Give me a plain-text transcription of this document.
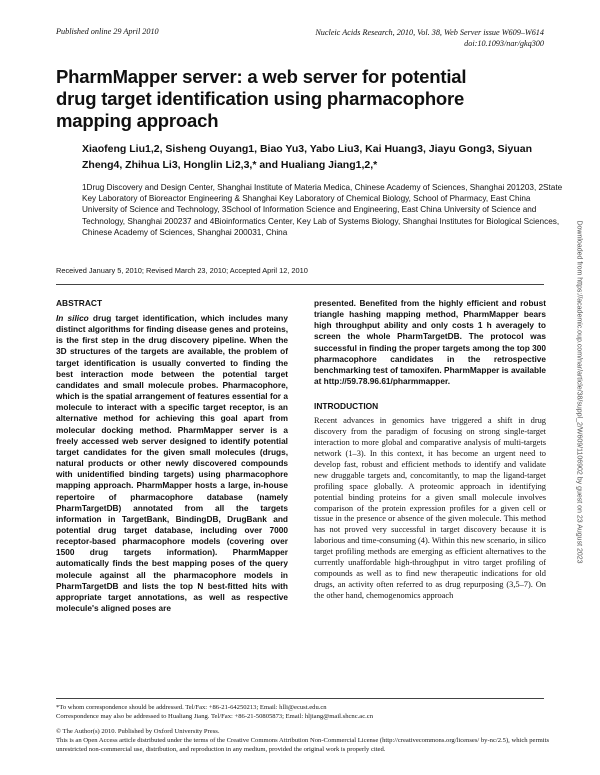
Published online 29 April 2010	Nucleic Acids Research, 2010, Vol. 38, Web Server issue W609–W614
doi:10.1093/nar/gkq300
PharmMapper server: a web server for potential drug target identification using pharmacophore mapping approach
Xiaofeng Liu1,2, Sisheng Ouyang1, Biao Yu3, Yabo Liu3, Kai Huang3, Jiayu Gong3, Siyuan Zheng4, Zhihua Li3, Honglin Li2,3,* and Hualiang Jiang1,2,*
1Drug Discovery and Design Center, Shanghai Institute of Materia Medica, Chinese Academy of Sciences, Shanghai 201203, 2State Key Laboratory of Bioreactor Engineering & Shanghai Key Laboratory of Chemical Biology, School of Pharmacy, East China University of Science and Technology, 3School of Information Science and Engineering, East China University of Science and Technology, Shanghai 200237 and 4Bioinformatics Center, Key Lab of Systems Biology, Shanghai Institutes for Biological Sciences, Chinese Academy of Sciences, Shanghai 200031, China
Received January 5, 2010; Revised March 23, 2010; Accepted April 12, 2010
ABSTRACT

In silico drug target identification, which includes many distinct algorithms for finding disease genes and proteins, is the first step in the drug discovery pipeline. When the 3D structures of the targets are available, the problem of target identification is usually converted to finding the best interaction mode between the potential target candidates and small molecule probes. Pharmacophore, which is the spatial arrangement of features essential for a molecule to interact with a specific target receptor, is an alternative method for achieving this goal apart from molecular docking method. PharmMapper server is a freely accessed web server designed to identify potential target candidates for the given small molecules (drugs, natural products or other newly discovered compounds with unidentified binding targets) using pharmacophore mapping approach. PharmMapper hosts a large, in-house repertoire of pharmacophore database (namely PharmTargetDB) annotated from all the targets information in TargetBank, BindingDB, DrugBank and potential drug target database, including over 7000 receptor-based pharmacophore models (covering over 1500 drug targets information). PharmMapper automatically finds the best mapping poses of the query molecule against all the pharmacophore models in PharmTargetDB and lists the top N best-fitted hits with appropriate target annotations, as well as respective molecule's aligned poses are

presented. Benefited from the highly efficient and robust triangle hashing mapping method, PharmMapper bears high throughput ability and only costs 1 h averagely to screen the whole PharmTargetDB. The protocol was successful in finding the proper targets among the top 300 pharmacophore candidates in the retrospective benchmarking test of tamoxifen. PharmMapper is available at http://59.78.96.61/pharmmapper.

INTRODUCTION

Recent advances in genomics have triggered a shift in drug discovery from the paradigm of focusing on strong single-target interaction to more global and comparative analysis of multi-targets network (1–3). In this context, it has become an urgent need to develop fast, robust and efficient methods to identify and validate new druggable targets and, concomitantly, to map the ligand-target profiling space globally. A proteomic approach in identifying potential binding proteins for a given small molecule involves comparison of the protein expression profiles for a given cell or tissue in the presence or absence of the given molecule. This method has not proved very successful in target discovery because it is laborious and time-consuming (4). Within this new scenario, in silico target profiling methods are emerging as efficient alternatives to the currently unaffordable high-throughput in vitro target profiling of compounds as well as to find new therapeutic indications for old drugs, an activity often referred to as drug repurposing (3,5–7). On the other hand, chemogenomics approach

*To whom correspondence should be addressed. Tel/Fax: +86-21-64250213; Email: hlli@ecust.edu.cn

Correspondence may also be addressed to Hualiang Jiang. Tel/Fax: +86-21-50805873; Email: hljiang@mail.shcnc.ac.cn

© The Author(s) 2010. Published by Oxford University Press.

This is an Open Access article distributed under the terms of the Creative Commons Attribution Non-Commercial License (http://creativecommons.org/licenses/ by-nc/2.5), which permits unrestricted non-commercial use, distribution, and reproduction in any medium, provided the original work is properly cited.

Downloaded from https://academic.oup.com/nar/article/38/suppl_2/W609/1106902 by guest on 23 August 2023
